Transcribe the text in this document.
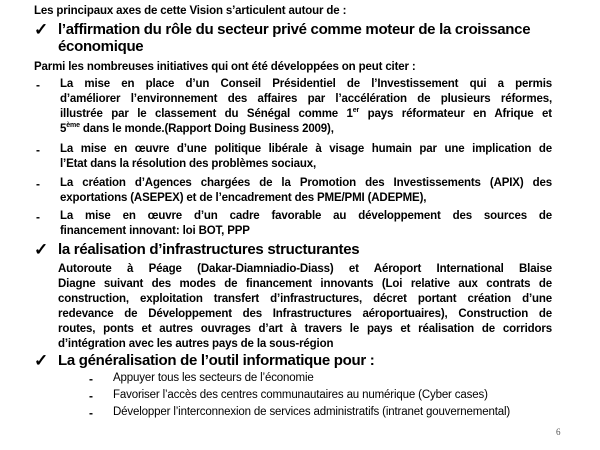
Les principaux axes de cette Vision s’articulent autour de :
✓ l’affirmation du rôle du secteur privé comme moteur de la croissance
économique
Parmi les nombreuses initiatives qui ont été développées on peut citer :
- La mise en place d’un Conseil Présidentiel de l’Investissement qui a permis
d’améliorer l’environnement des affaires par l’accélération de plusieurs réformes,
illustrée par le classement du Sénégal comme 1er pays réformateur en Afrique et
5ème dans le monde.(Rapport Doing Business 2009),
- La mise en œuvre d’une politique libérale à visage humain par une implication de
l’Etat dans la résolution des problèmes sociaux,
- La création d’Agences chargées de la Promotion des Investissements (APIX) des
exportations (ASEPEX) et de l’encadrement des PME/PMI (ADEPME),
- La mise en œuvre d’un cadre favorable au développement des sources de
financement innovant: loi BOT, PPP
✓ la réalisation d’infrastructures structurantes
Autoroute à Péage (Dakar-Diamniadio-Diass) et Aéroport International Blaise
Diagne suivant des modes de financement innovants (Loi relative aux contrats de
construction, exploitation transfert d’infrastructures, décret portant création d’une
redevance de Développement des Infrastructures aéroportuaires), Construction de
routes, ponts et autres ouvrages d’art à travers le pays et réalisation de corridors
d’intégration avec les autres pays de la sous-région
✓ La généralisation de l’outil informatique pour :
- Appuyer tous les secteurs de l’économie
- Favoriser l’accès des centres communautaires au numérique (Cyber cases)
- Développer l’interconnexion de services administratifs (intranet gouvernemental)
6
